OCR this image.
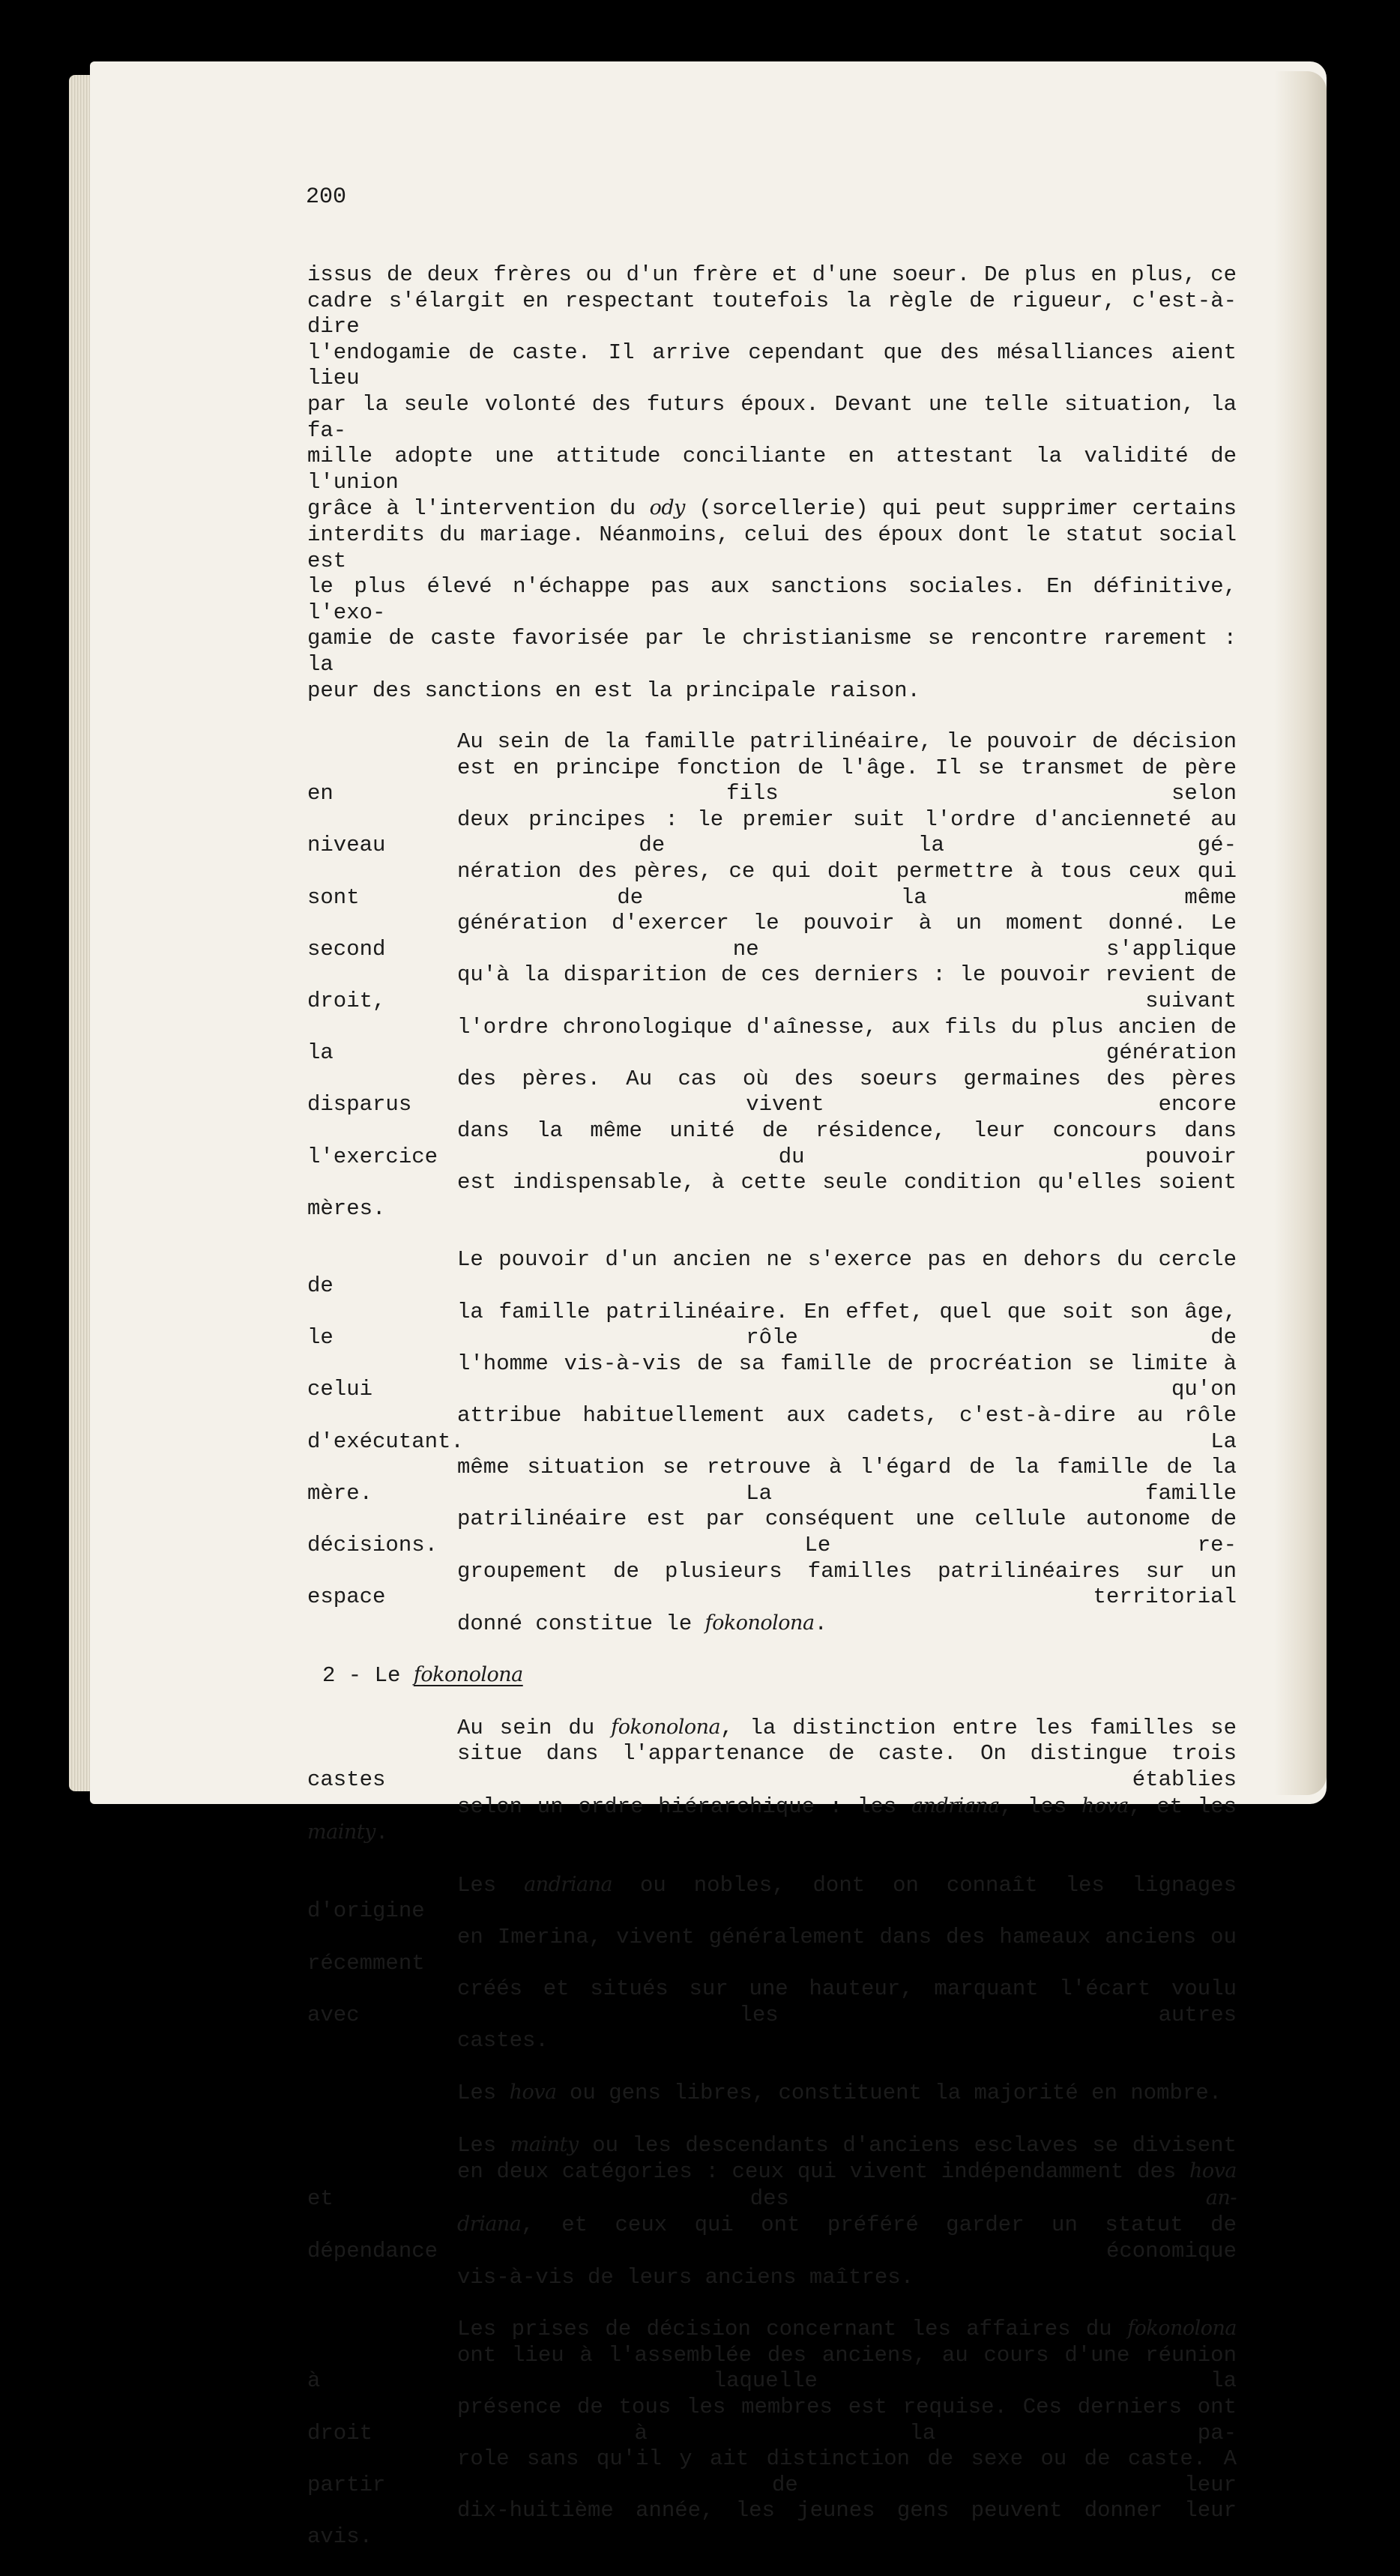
200

issus de deux frères ou d'un frère et d'une soeur. De plus en plus, ce
cadre s'élargit en respectant toutefois la règle de rigueur, c'est-à-dire
l'endogamie de caste. Il arrive cependant que des mésalliances aient lieu
par la seule volonté des futurs époux. Devant une telle situation, la fa-
mille adopte une attitude conciliante en attestant la validité de l'union
grâce à l'intervention du ody (sorcellerie) qui peut supprimer certains
interdits du mariage. Néanmoins, celui des époux dont le statut social est
le plus élevé n'échappe pas aux sanctions sociales. En définitive, l'exo-
gamie de caste favorisée par le christianisme se rencontre rarement : la
peur des sanctions en est la principale raison.

Au sein de la famille patrilinéaire, le pouvoir de décision
est en principe fonction de l'âge. Il se transmet de père en fils selon
deux principes : le premier suit l'ordre d'ancienneté au niveau de la gé-
nération des pères, ce qui doit permettre à tous ceux qui sont de la même
génération d'exercer le pouvoir à un moment donné. Le second ne s'applique
qu'à la disparition de ces derniers : le pouvoir revient de droit, suivant
l'ordre chronologique d'aînesse, aux fils du plus ancien de la génération
des pères. Au cas où des soeurs germaines des pères disparus vivent encore
dans la même unité de résidence, leur concours dans l'exercice du pouvoir
est indispensable, à cette seule condition qu'elles soient mères.

Le pouvoir d'un ancien ne s'exerce pas en dehors du cercle de
la famille patrilinéaire. En effet, quel que soit son âge, le rôle de
l'homme vis-à-vis de sa famille de procréation se limite à celui qu'on
attribue habituellement aux cadets, c'est-à-dire au rôle d'exécutant. La
même situation se retrouve à l'égard de la famille de la mère. La famille
patrilinéaire est par conséquent une cellule autonome de décisions. Le re-
groupement de plusieurs familles patrilinéaires sur un espace territorial
donné constitue le fokonolona.

2 - Le fokonolona

Au sein du fokonolona, la distinction entre les familles se
situe dans l'appartenance de caste. On distingue trois castes établies
selon un ordre hiérarchique : les andriana, les hova, et les mainty.

Les andriana ou nobles, dont on connaît les lignages d'origine
en Imerina, vivent généralement dans des hameaux anciens ou récemment
créés et situés sur une hauteur, marquant l'écart voulu avec les autres
castes.

Les hova ou gens libres, constituent la majorité en nombre.

Les mainty ou les descendants d'anciens esclaves se divisent
en deux catégories : ceux qui vivent indépendamment des hova et des an-
driana, et ceux qui ont préféré garder un statut de dépendance économique
vis-à-vis de leurs anciens maîtres.

Les prises de décision concernant les affaires du fokonolona
ont lieu à l'assemblée des anciens, au cours d'une réunion à laquelle la
présence de tous les membres est requise. Ces derniers ont droit à la pa-
role sans qu'il y ait distinction de sexe ou de caste. A partir de leur
dix-huitième année, les jeunes gens peuvent donner leur avis.
